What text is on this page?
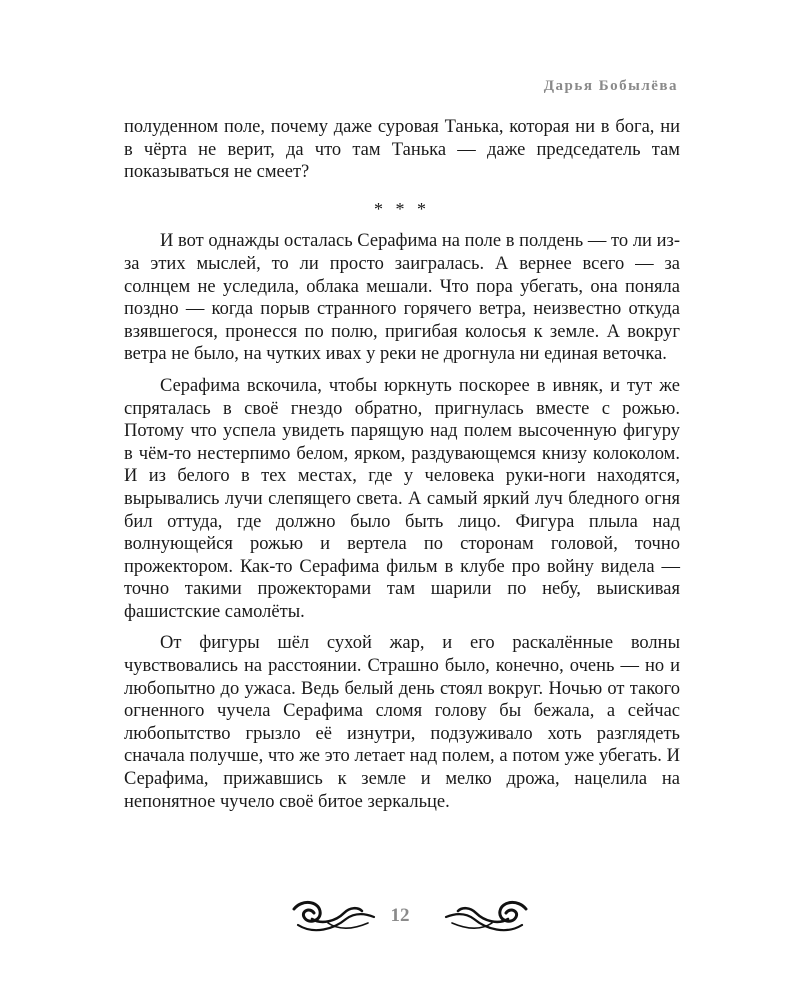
Дарья Бобылёва

полуденном поле, почему даже суровая Танька, которая ни в бога, ни в чёрта не верит, да что там Танька — даже председатель там показываться не смеет?

* * *

И вот однажды осталась Серафима на поле в полдень — то ли из-за этих мыслей, то ли просто заигралась. А вернее всего — за солнцем не уследила, облака мешали. Что пора убегать, она поняла поздно — когда порыв странного горячего ветра, неизвестно откуда взявшегося, пронесся по полю, пригибая колосья к земле. А вокруг ветра не было, на чутких ивах у реки не дрогнула ни единая веточка.

Серафима вскочила, чтобы юркнуть поскорее в ивняк, и тут же спряталась в своё гнездо обратно, пригнулась вместе с рожью. Потому что успела увидеть парящую над полем высоченную фигуру в чём-то нестерпимо белом, ярком, раздувающемся книзу колоколом. И из белого в тех местах, где у человека руки-ноги находятся, вырывались лучи слепящего света. А самый яркий луч бледного огня бил оттуда, где должно было быть лицо. Фигура плыла над волнующейся рожью и вертела по сторонам головой, точно прожектором. Как-то Серафима фильм в клубе про войну видела — точно такими прожекторами там шарили по небу, выискивая фашистские самолёты.

От фигуры шёл сухой жар, и его раскалённые волны чувствовались на расстоянии. Страшно было, конечно, очень — но и любопытно до ужаса. Ведь белый день стоял вокруг. Ночью от такого огненного чучела Серафима сломя голову бы бежала, а сейчас любопытство грызло её изнутри, подзуживало хоть разглядеть сначала получше, что же это летает над полем, а потом уже убегать. И Серафима, прижавшись к земле и мелко дрожа, нацелила на непонятное чучело своё битое зеркальце.

12
